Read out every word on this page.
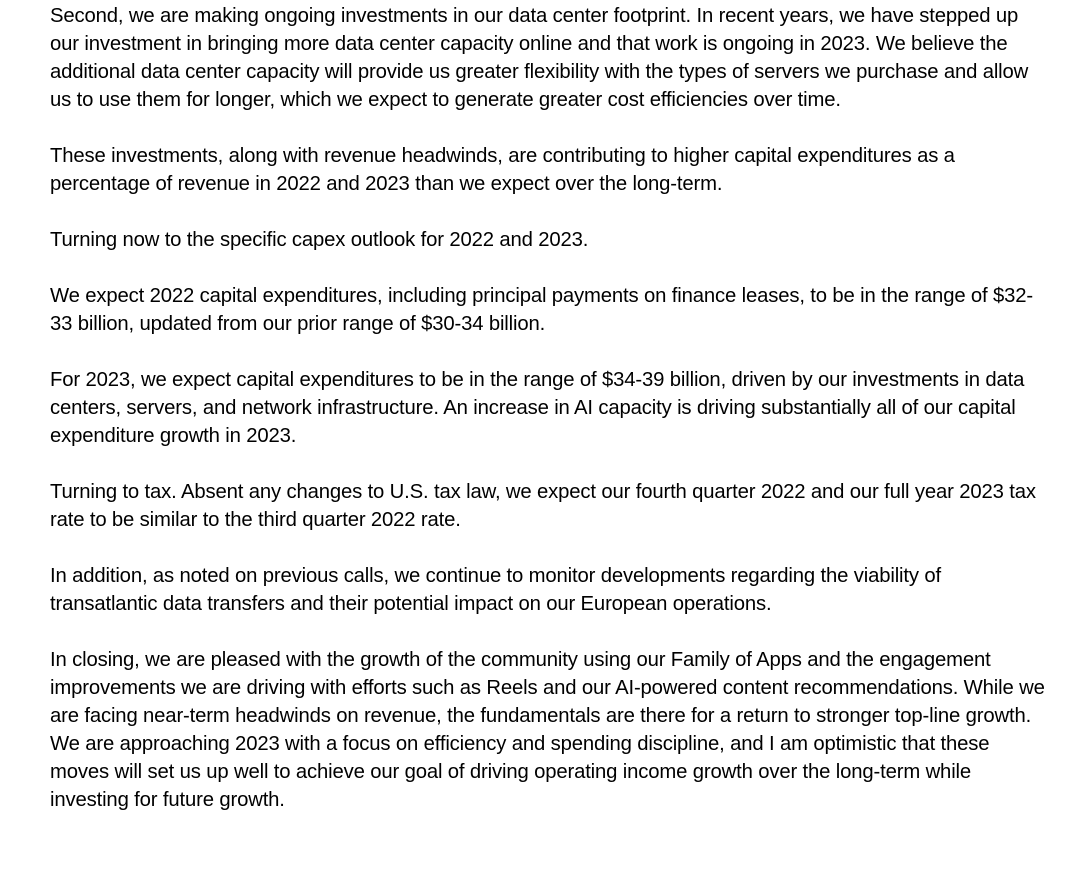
Second, we are making ongoing investments in our data center footprint. In recent years, we have stepped up our investment in bringing more data center capacity online and that work is ongoing in 2023. We believe the additional data center capacity will provide us greater flexibility with the types of servers we purchase and allow us to use them for longer, which we expect to generate greater cost efficiencies over time.

These investments, along with revenue headwinds, are contributing to higher capital expenditures as a percentage of revenue in 2022 and 2023 than we expect over the long-term.

Turning now to the specific capex outlook for 2022 and 2023.

We expect 2022 capital expenditures, including principal payments on finance leases, to be in the range of $32-33 billion, updated from our prior range of $30-34 billion.

For 2023, we expect capital expenditures to be in the range of $34-39 billion, driven by our investments in data centers, servers, and network infrastructure. An increase in AI capacity is driving substantially all of our capital expenditure growth in 2023.

Turning to tax. Absent any changes to U.S. tax law, we expect our fourth quarter 2022 and our full year 2023 tax rate to be similar to the third quarter 2022 rate.

In addition, as noted on previous calls, we continue to monitor developments regarding the viability of transatlantic data transfers and their potential impact on our European operations.

In closing, we are pleased with the growth of the community using our Family of Apps and the engagement improvements we are driving with efforts such as Reels and our AI-powered content recommendations. While we are facing near-term headwinds on revenue, the fundamentals are there for a return to stronger top-line growth. We are approaching 2023 with a focus on efficiency and spending discipline, and I am optimistic that these moves will set us up well to achieve our goal of driving operating income growth over the long-term while investing for future growth.
